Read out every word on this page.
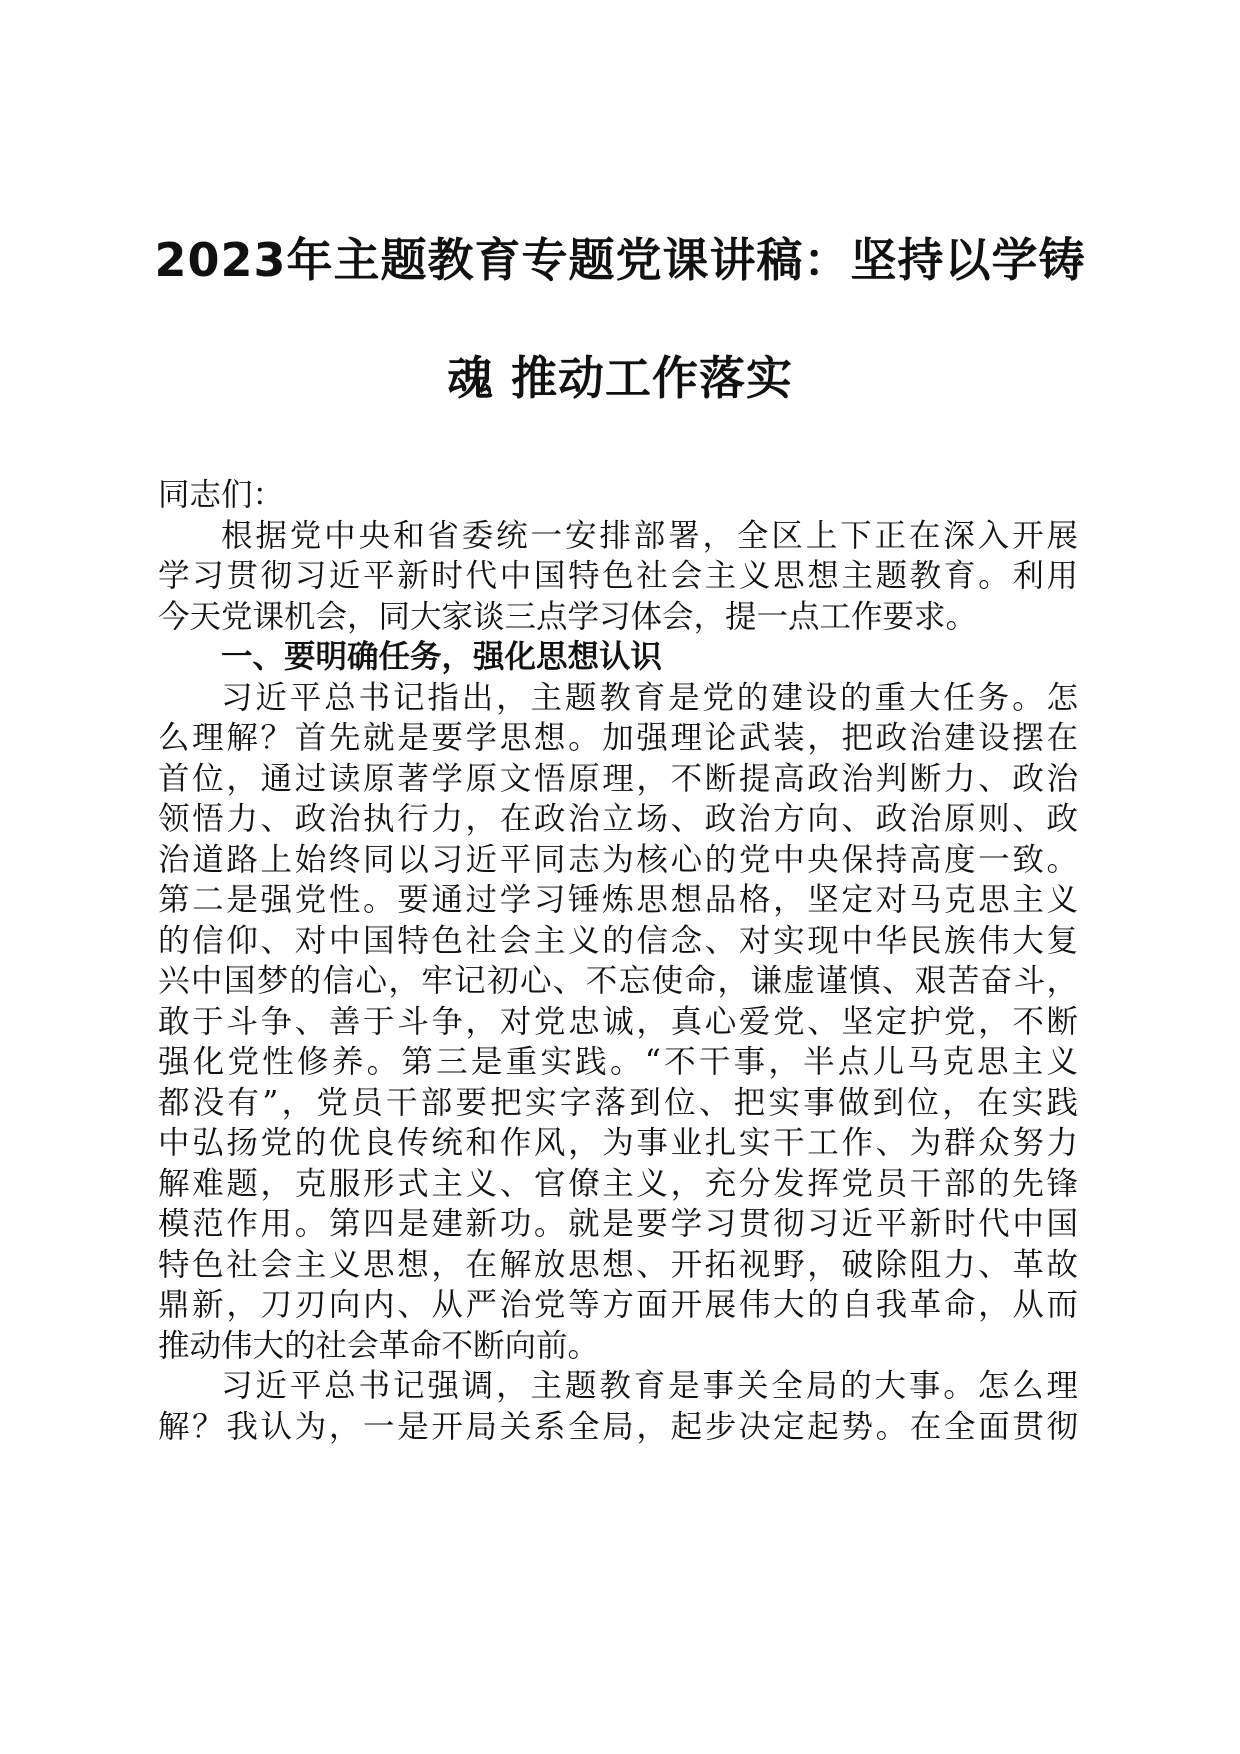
2023年主题教育专题党课讲稿：坚持以学铸
魂 推动工作落实
同志们：
根据党中央和省委统一安排部署，全区上下正在深入开展
学习贯彻习近平新时代中国特色社会主义思想主题教育。利用
今天党课机会，同大家谈三点学习体会，提一点工作要求。
一、要明确任务，强化思想认识
习近平总书记指出，主题教育是党的建设的重大任务。怎
么理解？首先就是要学思想。加强理论武装，把政治建设摆在
首位，通过读原著学原文悟原理，不断提高政治判断力、政治
领悟力、政治执行力，在政治立场、政治方向、政治原则、政
治道路上始终同以习近平同志为核心的党中央保持高度一致。
第二是强党性。要通过学习锤炼思想品格，坚定对马克思主义
的信仰、对中国特色社会主义的信念、对实现中华民族伟大复
兴中国梦的信心，牢记初心、不忘使命，谦虚谨慎、艰苦奋斗，
敢于斗争、善于斗争，对党忠诚，真心爱党、坚定护党，不断
强化党性修养。第三是重实践。“不干事，半点儿马克思主义
都没有”，党员干部要把实字落到位、把实事做到位，在实践
中弘扬党的优良传统和作风，为事业扎实干工作、为群众努力
解难题，克服形式主义、官僚主义，充分发挥党员干部的先锋
模范作用。第四是建新功。就是要学习贯彻习近平新时代中国
特色社会主义思想，在解放思想、开拓视野，破除阻力、革故
鼎新，刀刃向内、从严治党等方面开展伟大的自我革命，从而
推动伟大的社会革命不断向前。
习近平总书记强调，主题教育是事关全局的大事。怎么理
解？我认为，一是开局关系全局，起步决定起势。在全面贯彻
